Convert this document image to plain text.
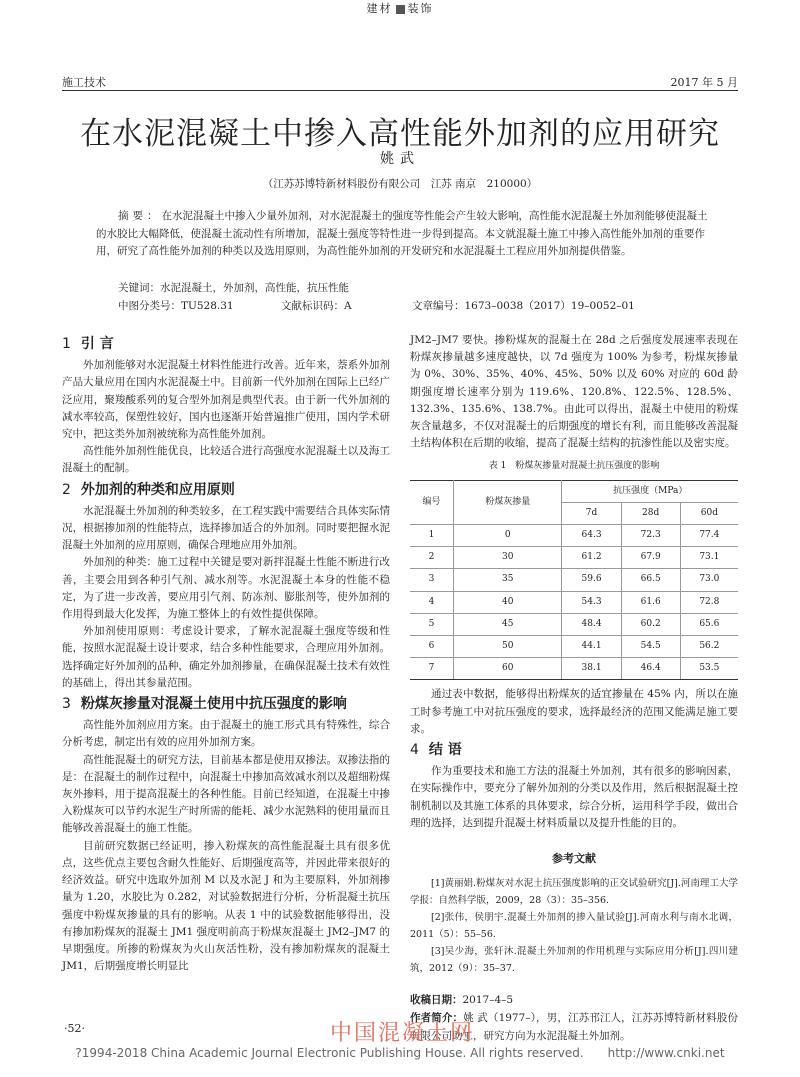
施工技术
建材 装饰
2017 年 5 月
在水泥混凝土中掺入高性能外加剂的应用研究
姚武
（江苏苏博特新材料股份有限公司　江苏 南京　210000）
摘要：在水泥混凝土中掺入少量外加剂，对水泥混凝土的强度等性能会产生较大影响，高性能水泥混凝土外加剂能够使混凝土的水胶比大幅降低，使混凝土流动性有所增加，混凝土强度等特性进一步得到提高。本文就混凝土施工中掺入高性能外加剂的重要作用，研究了高性能外加剂的种类以及选用原则，为高性能外加剂的开发研究和水泥混凝土工程应用外加剂提供借鉴。
关键词：水泥混凝土，外加剂，高性能，抗压性能
中图分类号：TU528.31	文献标识码：A	文章编号：1673–0038（2017）19–0052–01
1 引 言

外加剂能够对水泥混凝土材料性能进行改善。近年来，萘系外加剂产品大量应用在国内水泥混凝土中。目前新一代外加剂在国际上已经广泛应用，聚羧酸系列的复合型外加剂是典型代表。由于新一代外加剂的减水率较高，保塑性较好，国内也逐渐开始普遍推广使用，国内学术研究中，把这类外加剂被统称为高性能外加剂。

高性能外加剂性能优良，比较适合进行高强度水泥混凝土以及海工混凝土的配制。

2 外加剂的种类和应用原则

水泥混凝土外加剂的种类较多，在工程实践中需要结合具体实际情况，根据掺加剂的性能特点，选择掺加适合的外加剂。同时要把握水泥混凝土外加剂的应用原则，确保合理地应用外加剂。

外加剂的种类：施工过程中关键是要对新拌混凝土性能不断进行改善，主要会用到各种引气剂、减水剂等。水泥混凝土本身的性能不稳定，为了进一步改善，要应用引气剂、防冻剂、膨胀剂等，使外加剂的作用得到最大化发挥，为施工整体上的有效性提供保障。

外加剂使用原则：考虑设计要求，了解水泥混凝土强度等级和性能，按照水泥混凝土设计要求，结合多种性能要求，合理应用外加剂。选择确定好外加剂的品种，确定外加剂掺量，在确保混凝土技术有效性的基础上，得出其参量范围。

3 粉煤灰掺量对混凝土使用中抗压强度的影响

高性能外加剂应用方案。由于混凝土的施工形式具有特殊性，综合分析考虑，制定出有效的应用外加剂方案。

高性能混凝土的研究方法，目前基本都是使用双掺法。双掺法指的是：在混凝土的制作过程中，向混凝土中掺加高效减水剂以及超细粉煤灰外掺料，用于提高混凝土的各种性能。目前已经知道，在混凝土中掺入粉煤灰可以节约水泥生产时所需的能耗、减少水泥熟料的使用量而且能够改善混凝土的施工性能。

目前研究数据已经证明，掺入粉煤灰的高性能混凝土具有很多优点，这些优点主要包含耐久性能好、后期强度高等，并因此带来很好的经济效益。研究中选取外加剂 M 以及水泥 J 和为主要原料，外加剂掺量为 1.20，水胶比为 0.282，对试验数据进行分析，分析混凝土抗压强度中粉煤灰掺量的具有的影响。从表 1 中的试验数据能够得出，没有掺加粉煤灰的混凝土 JM1 强度明前高于粉煤灰混凝土 JM2–JM7 的早期强度。所掺的粉煤灰为火山灰活性粉，没有掺加粉煤灰的混凝土 JM1，后期强度增长明显比

JM2–JM7 要快。掺粉煤灰的混凝土在 28d 之后强度发展速率表现在粉煤灰掺量越多速度越快，以 7d 强度为 100% 为参考，粉煤灰掺量为 0%、30%、35%、40%、45%、50% 以及 60% 对应的 60d 龄期强度增长速率分别为 119.6%、120.8%、122.5%、128.5%、132.3%、135.6%、138.7%。由此可以得出，混凝土中使用的粉煤灰含量越多，不仅对混凝土的后期强度的增长有利，而且能够改善混凝土结构体积在后期的收缩，提高了混凝土结构的抗渗性能以及密实度。

表 1　粉煤灰掺量对混凝土抗压强度的影响
编号	粉煤灰掺量	抗压强度（MPa）		
		7d	28d	60d
1	0	64.3	72.3	77.4
2	30	61.2	67.9	73.1
3	35	59.6	66.5	73.0
4	40	54.3	61.6	72.8
5	45	48.4	60.2	65.6
6	50	44.1	54.5	56.2
7	60	38.1	46.4	53.5

通过表中数据，能够得出粉煤灰的适宜掺量在 45% 内，所以在施工时参考施工中对抗压强度的要求，选择最经济的范围又能满足施工要求。

4 结 语

作为重要技术和施工方法的混凝土外加剂，其有很多的影响因素，在实际操作中，要充分了解外加剂的分类以及作用，然后根据混凝土控制机制以及其施工体系的具体要求，综合分析，运用科学手段，做出合理的选择，达到提升混凝土材料质量以及提升性能的目的。

参考文献

[1]黄丽娟.粉煤灰对水泥土抗压强度影响的正交试验研究[J].河南理工大学学报：自然科学版，2009，28（3）：35–356.

[2]张伟，侯朋宇.混凝土外加剂的掺入量试验[J].河南水利与南水北调，2011（5）：55–56.

[3]吴少海，张轩沐.混凝土外加剂的作用机理与实际应用分析[J].四川建筑，2012（9）：35–37.

收稿日期：2017–4–5
作者简介：姚 武（1977–），男，江苏邗江人，江苏苏博特新材料股份有限公司助工，研究方向为水泥混凝土外加剂。
·52·	中国混凝土网
?1994-2018 China Academic Journal Electronic Publishing House. All rights reserved.　　http://www.cnki.net
